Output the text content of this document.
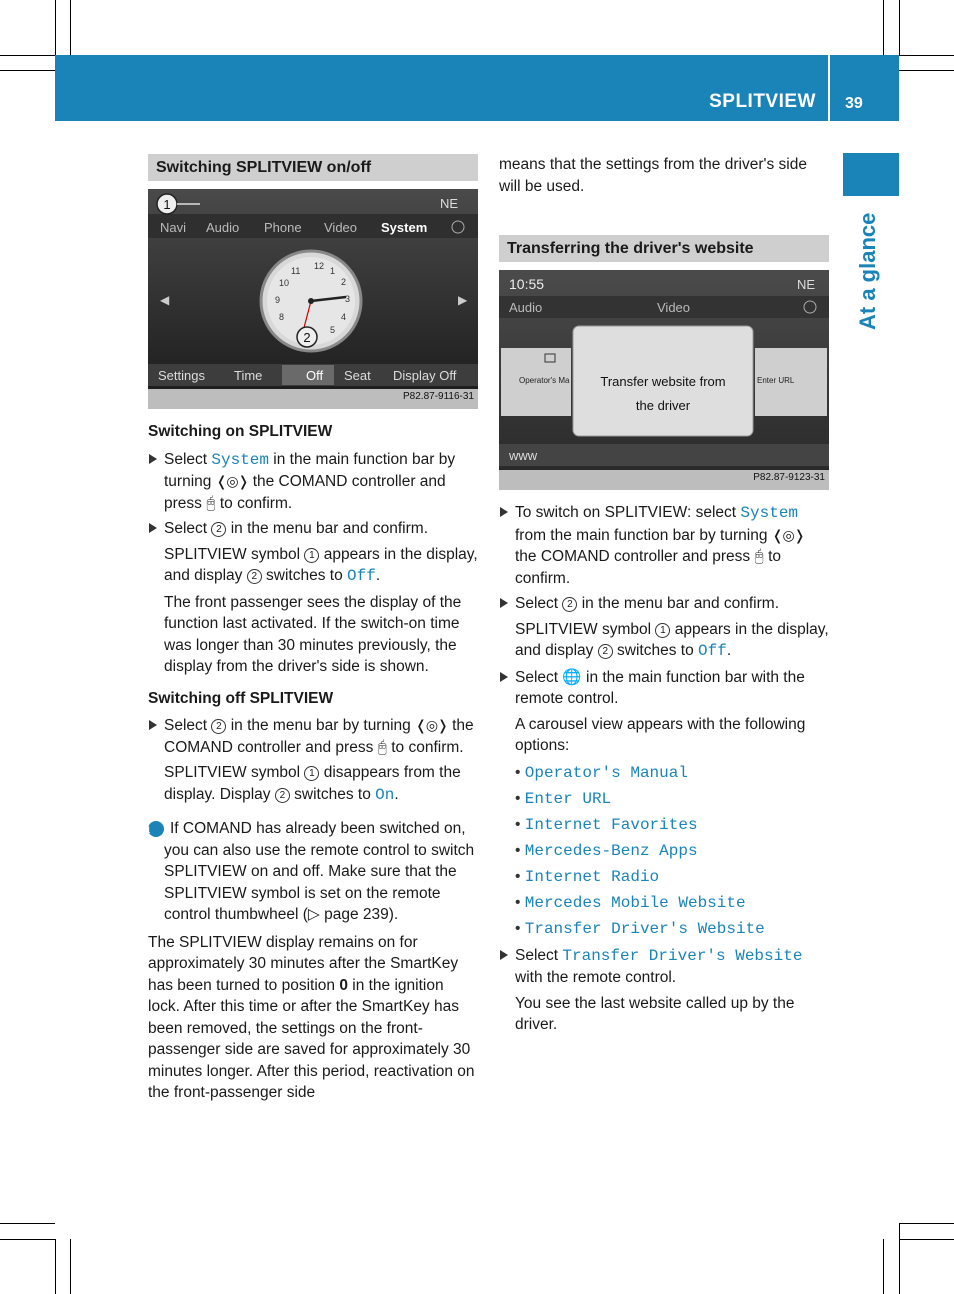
SPLITVIEW 39
At a glance
Switching SPLITVIEW on/off
1	NE
Navi Audio Phone Video System
◀	▶
12 1
2
3
4
5
11
10
9
8
2
Settings Time	Off Seat Display Off
P82.87-9116-31
Switching on SPLITVIEW
Select System in the main function bar by turning ❬◎❭ the COMAND controller and press 🖰 to confirm.
Select 2 in the menu bar and confirm.
SPLITVIEW symbol 1 appears in the display, and display 2 switches to Off.
The front passenger sees the display of the function last activated. If the switch-on time was longer than 30 minutes previously, the display from the driver's side is shown.
Switching off SPLITVIEW
Select 2 in the menu bar by turning ❬◎❭ the COMAND controller and press 🖰 to confirm.
SPLITVIEW symbol 1 disappears from the display. Display 2 switches to On.
i If COMAND has already been switched on, you can also use the remote control to switch SPLITVIEW on and off. Make sure that the SPLITVIEW symbol is set on the remote control thumbwheel (▷ page 239).
The SPLITVIEW display remains on for approximately 30 minutes after the SmartKey has been turned to position 0 in the ignition lock. After this time or after the SmartKey has been removed, the settings on the front-passenger side are saved for approximately 30 minutes longer. After this period, reactivation on the front-passenger side
means that the settings from the driver's side will be used.
Transferring the driver's website
10:55	NE
Audio	Video
Operator's Ma	Enter URL
Transfer website from
the driver
www
P82.87-9123-31
To switch on SPLITVIEW: select System from the main function bar by turning ❬◎❭ the COMAND controller and press 🖰 to confirm.
Select 2 in the menu bar and confirm.
SPLITVIEW symbol 1 appears in the display, and display 2 switches to Off.
Select 🌐 in the main function bar with the remote control.
A carousel view appears with the following options:
• Operator's Manual
• Enter URL
• Internet Favorites
• Mercedes-Benz Apps
• Internet Radio
• Mercedes Mobile Website
• Transfer Driver's Website
Select Transfer Driver's Website with the remote control.
You see the last website called up by the driver.
